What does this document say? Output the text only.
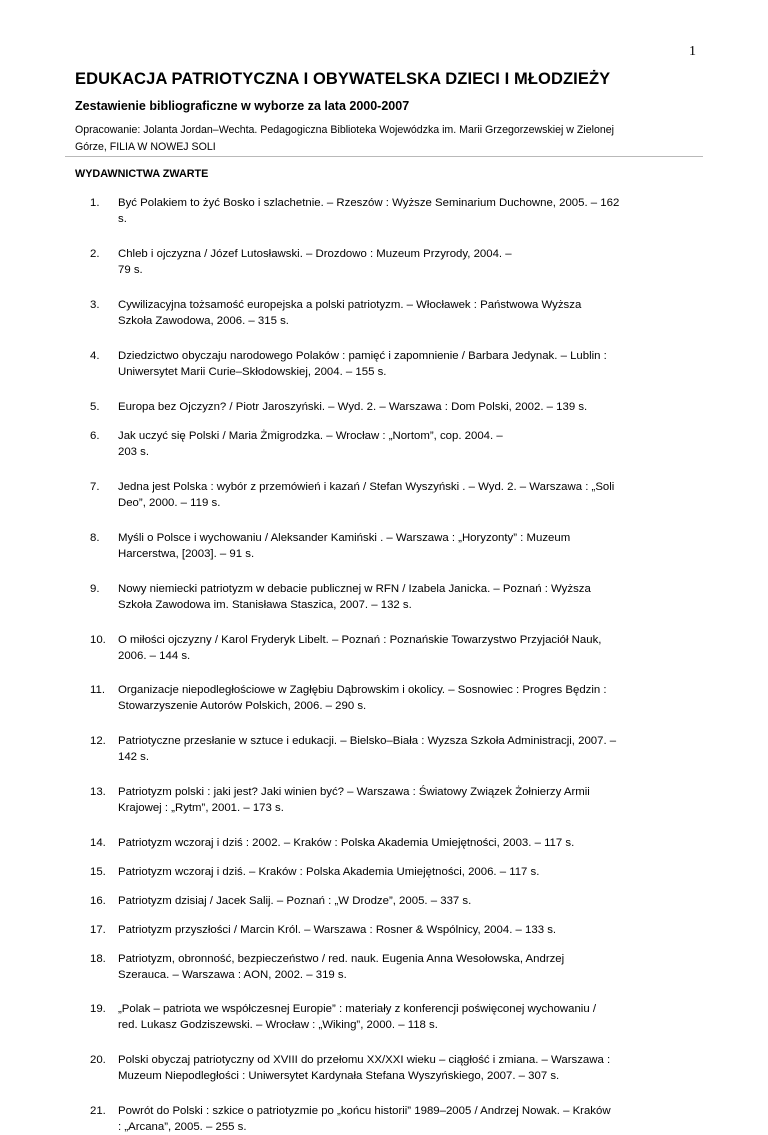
1
EDUKACJA PATRIOTYCZNA I OBYWATELSKA DZIECI I MŁODZIEŻY
Zestawienie bibliograficzne w wyborze za lata 2000-2007
Opracowanie: Jolanta Jordan–Wechta. Pedagogiczna Biblioteka Wojewódzka im. Marii Grzegorzewskiej w Zielonej
Górze, FILIA W NOWEJ SOLI
WYDAWNICTWA ZWARTE
1. Być Polakiem to żyć Bosko i szlachetnie. – Rzeszów : Wyższe Seminarium Duchowne, 2005. – 162
s.
2. Chleb i ojczyzna / Józef Lutosławski. – Drozdowo : Muzeum Przyrody, 2004. –
79 s.
3. Cywilizacyjna tożsamość europejska a polski patriotyzm. – Włocławek : Państwowa Wyższa
Szkoła Zawodowa, 2006. – 315 s.
4. Dziedzictwo obyczaju narodowego Polaków : pamięć i zapomnienie / Barbara Jedynak. – Lublin :
Uniwersytet Marii Curie–Skłodowskiej, 2004. – 155 s.
5. Europa bez Ojczyzn? / Piotr Jaroszyński. – Wyd. 2. – Warszawa : Dom Polski, 2002. – 139 s.
6. Jak uczyć się Polski / Maria Żmigrodzka. – Wrocław : „Nortom”, cop. 2004. –
203 s.
7. Jedna jest Polska : wybór z przemówień i kazań / Stefan Wyszyński . – Wyd. 2. – Warszawa : „Soli
Deo”, 2000. – 119 s.
8. Myśli o Polsce i wychowaniu / Aleksander Kamiński . – Warszawa : „Horyzonty” : Muzeum
Harcerstwa, [2003]. – 91 s.
9. Nowy niemiecki patriotyzm w debacie publicznej w RFN / Izabela Janicka. – Poznań : Wyższa
Szkoła Zawodowa im. Stanisława Staszica, 2007. – 132 s.
10. O miłości ojczyzny / Karol Fryderyk Libelt. – Poznań : Poznańskie Towarzystwo Przyjaciół Nauk,
2006. – 144 s.
11. Organizacje niepodległościowe w Zagłębiu Dąbrowskim i okolicy. – Sosnowiec : Progres Będzin :
Stowarzyszenie Autorów Polskich, 2006. – 290 s.
12. Patriotyczne przesłanie w sztuce i edukacji. – Bielsko–Biała : Wyzsza Szkoła Administracji, 2007. –
142 s.
13. Patriotyzm polski : jaki jest? Jaki winien być? – Warszawa : Światowy Związek Żołnierzy Armii
Krajowej : „Rytm”, 2001. – 173 s.
14. Patriotyzm wczoraj i dziś : 2002. – Kraków : Polska Akademia Umiejętności, 2003. – 117 s.
15. Patriotyzm wczoraj i dziś. – Kraków : Polska Akademia Umiejętności, 2006. – 117 s.
16. Patriotyzm dzisiaj / Jacek Salij. – Poznań : „W Drodze”, 2005. – 337 s.
17. Patriotyzm przyszłości / Marcin Król. – Warszawa : Rosner & Wspólnicy, 2004. – 133 s.
18. Patriotyzm, obronność, bezpieczeństwo / red. nauk. Eugenia Anna Wesołowska, Andrzej
Szerauca. – Warszawa : AON, 2002. – 319 s.
19. „Polak – patriota we współczesnej Europie” : materiały z konferencji poświęconej wychowaniu /
red. Lukasz Godziszewski. – Wrocław : „Wiking”, 2000. – 118 s.
20. Polski obyczaj patriotyczny od XVIII do przełomu XX/XXI wieku – ciągłość i zmiana. – Warszawa :
Muzeum Niepodległości : Uniwersytet Kardynała Stefana Wyszyńskiego, 2007. – 307 s.
21. Powrót do Polski : szkice o patriotyzmie po „końcu historii” 1989–2005 / Andrzej Nowak. – Kraków
: „Arcana”, 2005. – 255 s.
